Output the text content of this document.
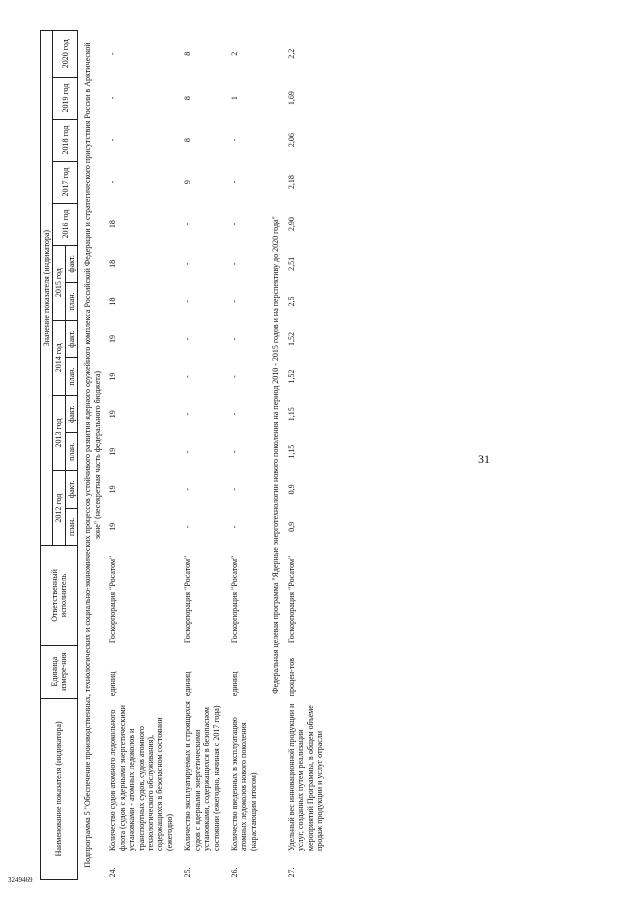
31
3249469
Наименование показателя (индикатора)		Единица измере-ния	Ответственный исполнитель	Значение показателя (индикатора)												
				2012 год		2013 год		2014 год		2015 год		2016 год	2017 год	2018 год	2019 год	2020 год
				план.	факт.	план.	факт.	план.	факт.	план.	факт.					
Подпрограмма 5 "Обеспечение производственных, технологических и социально-экономических процессов устойчивого развития ядерного оружейного комплекса Российской Федерации и стратегического присутствия России в Арктической зоне" (несекретная часть федерального бюджета)																
24.	Количество судов атомного ледокольного флота (судов с ядерными энергетическими установками - атомных ледоколов и транспортных судов, судов атомного технологического обслуживания), содержащихся в безопасном состоянии (ежегодно)	единиц	Госкорпорация "Росатом"	19	19	19	19	19	19	18	18	18	-	-	-	-
25.	Количество эксплуатируемых и строящихся судов с ядерными энергетическими установками, содержащихся в безопасном состоянии (ежегодно, начиная с 2017 года)	единиц	Госкорпорация "Росатом"	-	-	-	-	-	-	-	-	-	9	8	8	8
26.	Количество введенных в эксплуатацию атомных ледоколов нового поколения (нарастающим итогом)	единиц	Госкорпорация "Росатом"	-	-	-	-	-	-	-	-	-	-	-	1	2
Федеральная целевая программа "Ядерные энерготехнологии нового поколения на период 2010 - 2015 годов и на перспективу до 2020 года"																
27.	Удельный вес инновационной продукции и услуг, созданных путем реализации мероприятий Программы, в общем объеме продаж продукции и услуг отрасли	процен-тов	Госкорпорация "Росатом"	0,9	0,9	1,15	1,15	1,52	1,52	2,5	2,51	2,90	2,18	2,06	1,69	2,2
